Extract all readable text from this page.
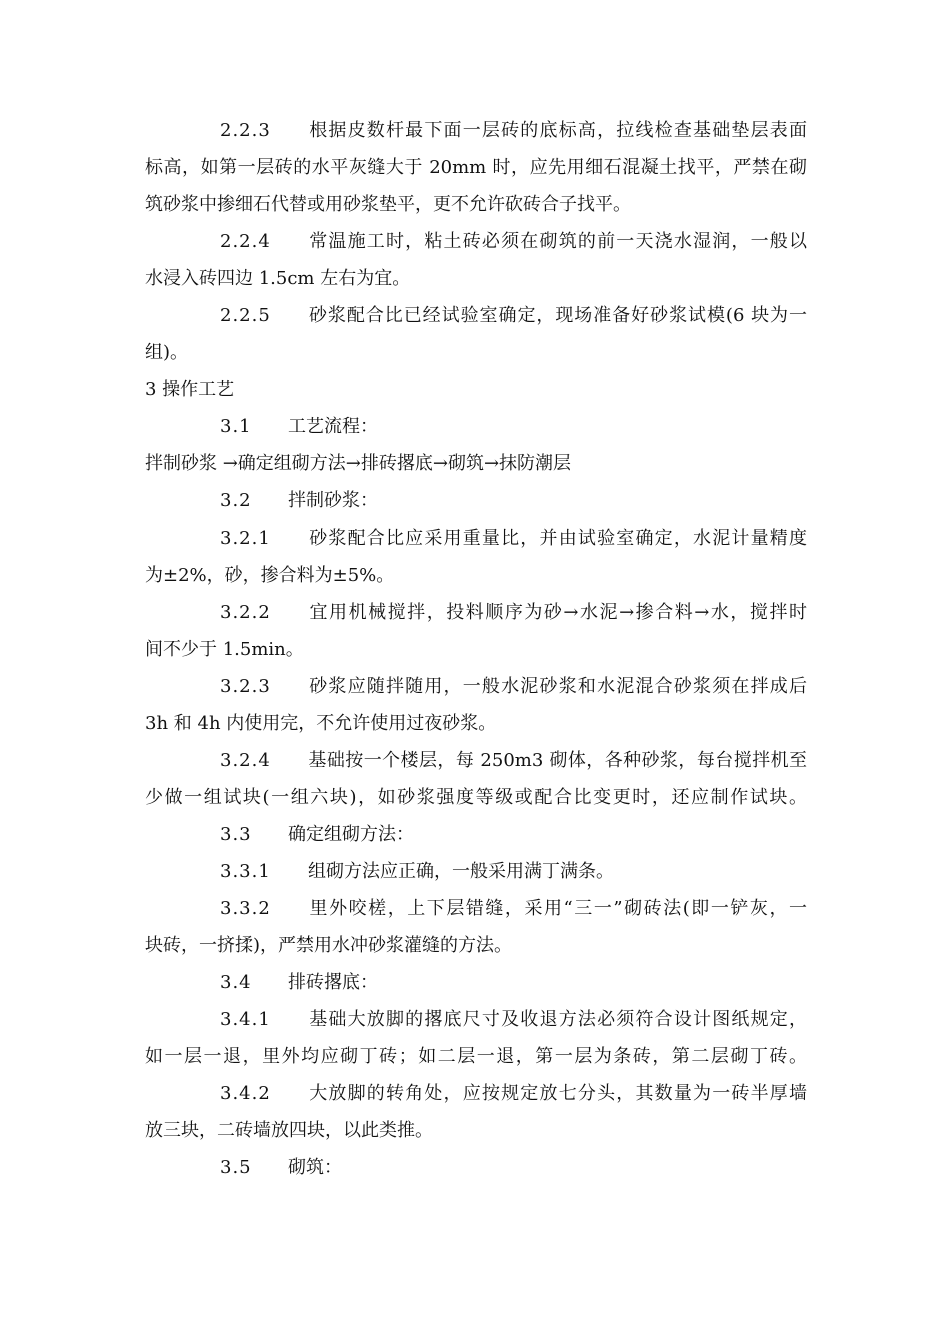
2.2.3 根据皮数杆最下面一层砖的底标高，拉线检查基础垫层表面
标高，如第一层砖的水平灰缝大于 20mm 时，应先用细石混凝土找平，严禁在砌
筑砂浆中掺细石代替或用砂浆垫平，更不允许砍砖合子找平。
2.2.4 常温施工时，粘土砖必须在砌筑的前一天浇水湿润，一般以
水浸入砖四边 1.5cm 左右为宜。
2.2.5 砂浆配合比已经试验室确定，现场准备好砂浆试模(6 块为一
组)。
3 操作工艺
3.1 工艺流程：
拌制砂浆 →确定组砌方法→排砖撂底→砌筑→抹防潮层
3.2 拌制砂浆：
3.2.1 砂浆配合比应采用重量比，并由试验室确定，水泥计量精度
为±2%，砂，掺合料为±5%。
3.2.2 宜用机械搅拌，投料顺序为砂→水泥→掺合料→水，搅拌时
间不少于 1.5min。
3.2.3 砂浆应随拌随用，一般水泥砂浆和水泥混合砂浆须在拌成后
3h 和 4h 内使用完，不允许使用过夜砂浆。
3.2.4 基础按一个楼层，每 250m3 砌体，各种砂浆，每台搅拌机至
少做一组试块(一组六块)，如砂浆强度等级或配合比变更时，还应制作试块。
3.3 确定组砌方法：
3.3.1 组砌方法应正确，一般采用满丁满条。
3.3.2 里外咬槎，上下层错缝，采用“三一”砌砖法(即一铲灰，一
块砖，一挤揉)，严禁用水冲砂浆灌缝的方法。
3.4 排砖撂底：
3.4.1 基础大放脚的撂底尺寸及收退方法必须符合设计图纸规定，
如一层一退，里外均应砌丁砖；如二层一退，第一层为条砖，第二层砌丁砖。
3.4.2 大放脚的转角处，应按规定放七分头，其数量为一砖半厚墙
放三块，二砖墙放四块，以此类推。
3.5 砌筑：
